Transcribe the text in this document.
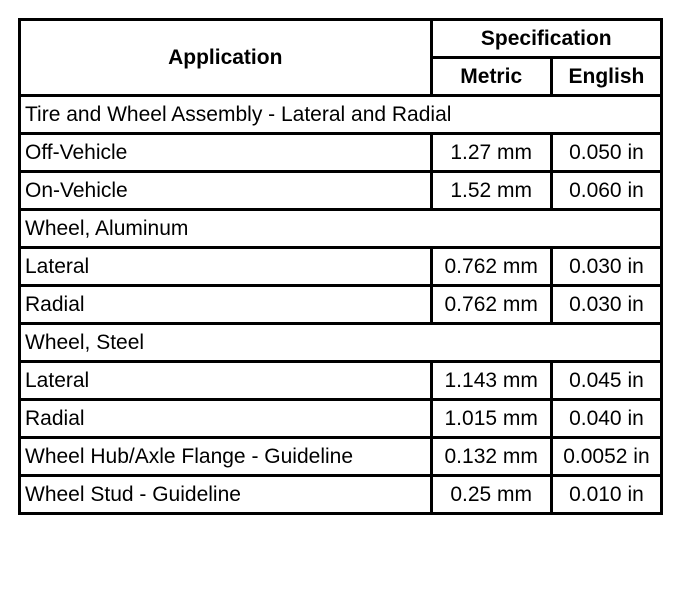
Application	Specification	
	Metric	English
Tire and Wheel Assembly - Lateral and Radial		
Off-Vehicle	1.27 mm	0.050 in
On-Vehicle	1.52 mm	0.060 in
Wheel, Aluminum		
Lateral	0.762 mm	0.030 in
Radial	0.762 mm	0.030 in
Wheel, Steel		
Lateral	1.143 mm	0.045 in
Radial	1.015 mm	0.040 in
Wheel Hub/Axle Flange - Guideline	0.132 mm	0.0052 in
Wheel Stud - Guideline	0.25 mm	0.010 in
